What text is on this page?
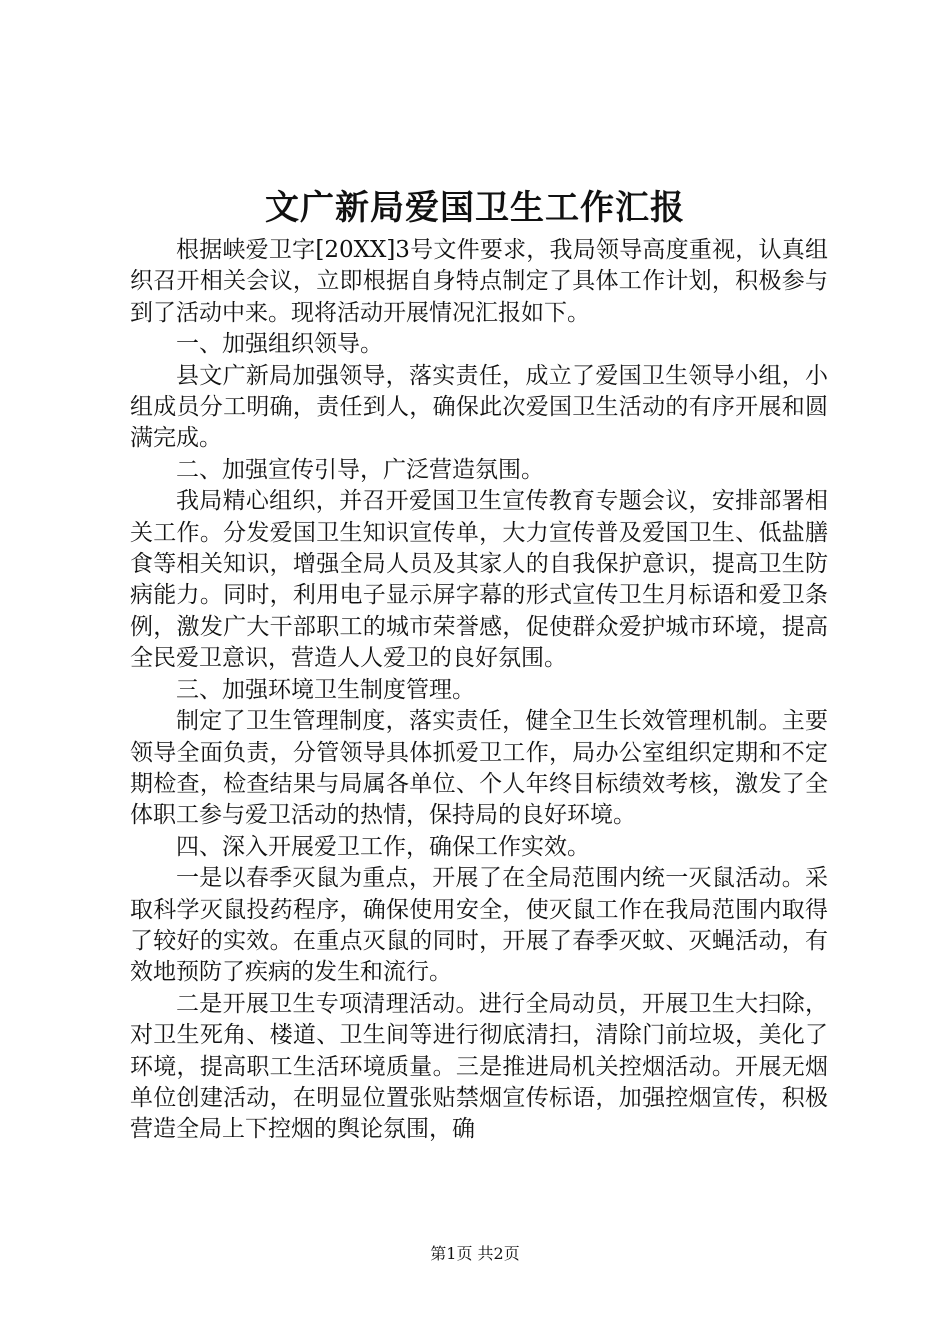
文广新局爱国卫生工作汇报

根据峡爱卫字[20XX]3号文件要求，我局领导高度重视，认真组织召开相关会议，立即根据自身特点制定了具体工作计划，积极参与到了活动中来。现将活动开展情况汇报如下。

一、加强组织领导。

县文广新局加强领导，落实责任，成立了爱国卫生领导小组，小组成员分工明确，责任到人，确保此次爱国卫生活动的有序开展和圆满完成。

二、加强宣传引导，广泛营造氛围。

我局精心组织，并召开爱国卫生宣传教育专题会议，安排部署相关工作。分发爱国卫生知识宣传单，大力宣传普及爱国卫生、低盐膳食等相关知识，增强全局人员及其家人的自我保护意识，提高卫生防病能力。同时，利用电子显示屏字幕的形式宣传卫生月标语和爱卫条例，激发广大干部职工的城市荣誉感，促使群众爱护城市环境，提高全民爱卫意识，营造人人爱卫的良好氛围。

三、加强环境卫生制度管理。

制定了卫生管理制度，落实责任，健全卫生长效管理机制。主要领导全面负责，分管领导具体抓爱卫工作，局办公室组织定期和不定期检查，检查结果与局属各单位、个人年终目标绩效考核，激发了全体职工参与爱卫活动的热情，保持局的良好环境。

四、深入开展爱卫工作，确保工作实效。

一是以春季灭鼠为重点，开展了在全局范围内统一灭鼠活动。采取科学灭鼠投药程序，确保使用安全，使灭鼠工作在我局范围内取得了较好的实效。在重点灭鼠的同时，开展了春季灭蚊、灭蝇活动，有效地预防了疾病的发生和流行。

二是开展卫生专项清理活动。进行全局动员，开展卫生大扫除，对卫生死角、楼道、卫生间等进行彻底清扫，清除门前垃圾，美化了环境，提高职工生活环境质量。三是推进局机关控烟活动。开展无烟单位创建活动，在明显位置张贴禁烟宣传标语，加强控烟宣传，积极营造全局上下控烟的舆论氛围，确

第1页 共2页
